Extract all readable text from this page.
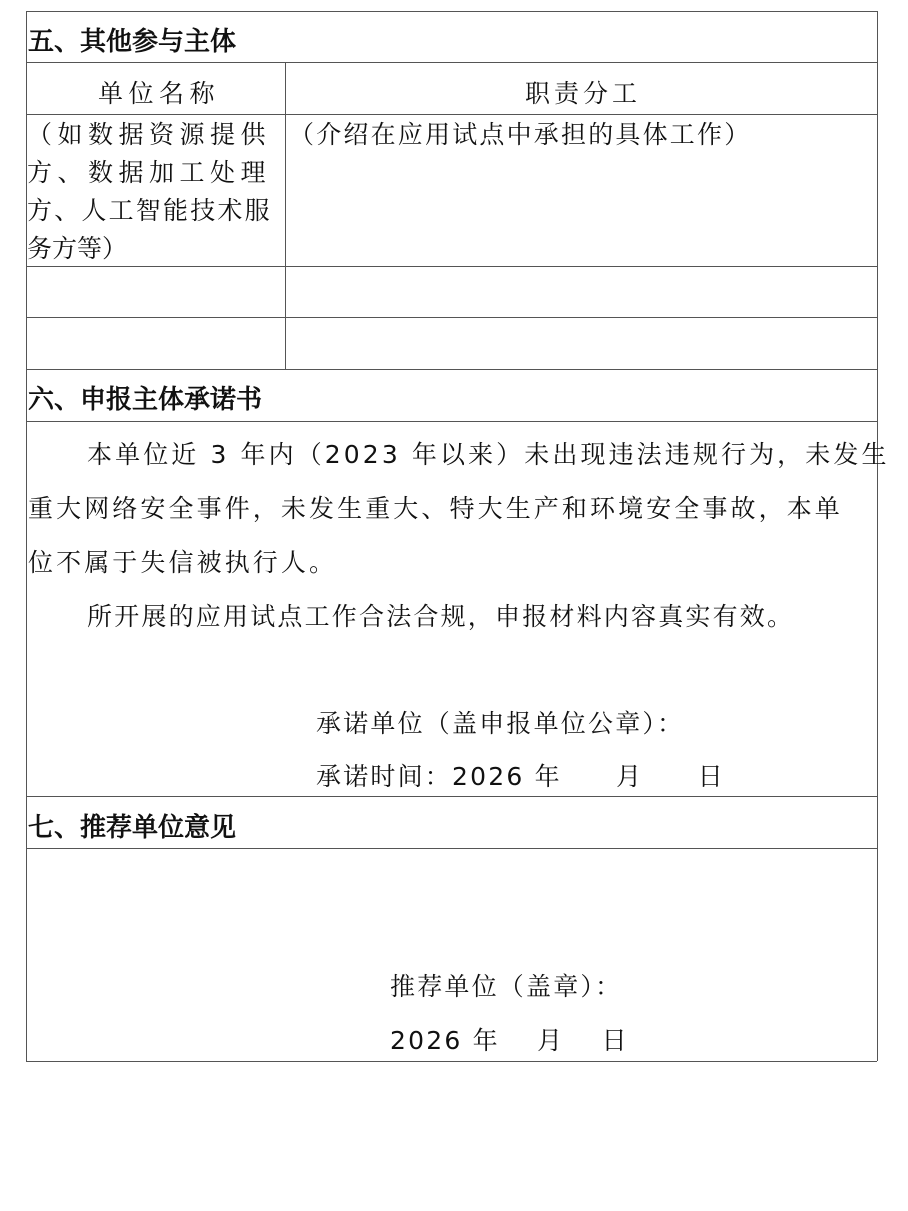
五、其他参与主体
单位名称	职责分工
（如数据资源提供
方、数据加工处理
方、人工智能技术服
务方等）
（介绍在应用试点中承担的具体工作）
六、申报主体承诺书
本单位近 3 年内（2023 年以来）未出现违法违规行为，未发生
重大网络安全事件，未发生重大、特大生产和环境安全事故，本单
位不属于失信被执行人。
所开展的应用试点工作合法合规，申报材料内容真实有效。
承诺单位（盖申报单位公章）：
承诺时间：2026 年　　月　　日
七、推荐单位意见
推荐单位（盖章）：
2026 年　 月　 日
